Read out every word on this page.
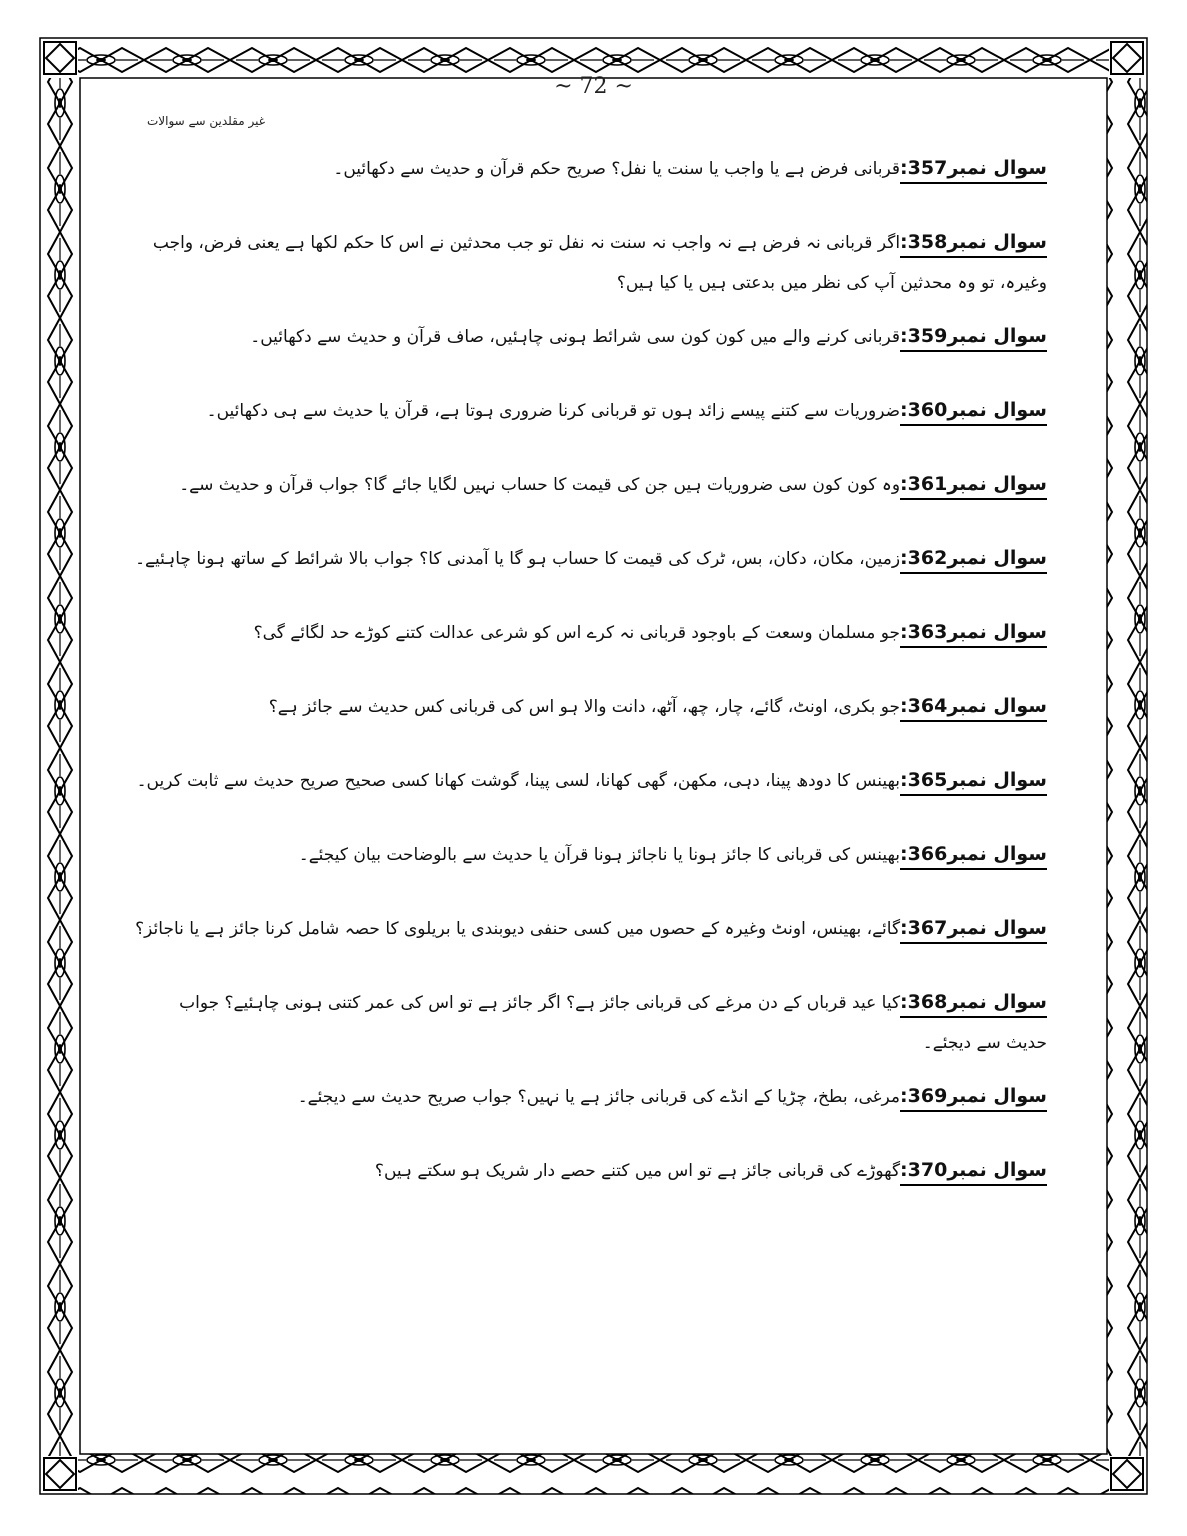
~ 72 ~
غیر مقلدین سے سوالات

سوال نمبر357:قربانی فرض ہے یا واجب یا سنت یا نفل؟ صریح حکم قرآن و حدیث سے دکھائیں۔

سوال نمبر358:اگر قربانی نہ فرض ہے نہ واجب نہ سنت نہ نفل تو جب محدثین نے اس کا حکم لکھا ہے یعنی فرض، واجب وغیرہ، تو وہ محدثین آپ کی نظر میں بدعتی ہیں یا کیا ہیں؟

سوال نمبر359:قربانی کرنے والے میں کون کون سی شرائط ہونی چاہئیں، صاف قرآن و حدیث سے دکھائیں۔

سوال نمبر360:ضروریات سے کتنے پیسے زائد ہوں تو قربانی کرنا ضروری ہوتا ہے، قرآن یا حدیث سے ہی دکھائیں۔

سوال نمبر361:وہ کون کون سی ضروریات ہیں جن کی قیمت کا حساب نہیں لگایا جائے گا؟ جواب قرآن و حدیث سے۔

سوال نمبر362:زمین، مکان، دکان، بس، ٹرک کی قیمت کا حساب ہو گا یا آمدنی کا؟ جواب بالا شرائط کے ساتھ ہونا چاہئیے۔

سوال نمبر363:جو مسلمان وسعت کے باوجود قربانی نہ کرے اس کو شرعی عدالت کتنے کوڑے حد لگائے گی؟

سوال نمبر364:جو بکری، اونٹ، گائے، چار، چھ، آٹھ، دانت والا ہو اس کی قربانی کس حدیث سے جائز ہے؟

سوال نمبر365:بھینس کا دودھ پینا، دہی، مکھن، گھی کھانا، لسی پینا، گوشت کھانا کسی صحیح صریح حدیث سے ثابت کریں۔

سوال نمبر366:بھینس کی قربانی کا جائز ہونا یا ناجائز ہونا قرآن یا حدیث سے بالوضاحت بیان کیجئے۔

سوال نمبر367:گائے، بھینس، اونٹ وغیرہ کے حصوں میں کسی حنفی دیوبندی یا بریلوی کا حصہ شامل کرنا جائز ہے یا ناجائز؟

سوال نمبر368:کیا عید قرباں کے دن مرغے کی قربانی جائز ہے؟ اگر جائز ہے تو اس کی عمر کتنی ہونی چاہئیے؟ جواب حدیث سے دیجئے۔

سوال نمبر369:مرغی، بطخ، چڑیا کے انڈے کی قربانی جائز ہے یا نہیں؟ جواب صریح حدیث سے دیجئے۔

سوال نمبر370:گھوڑے کی قربانی جائز ہے تو اس میں کتنے حصے دار شریک ہو سکتے ہیں؟
